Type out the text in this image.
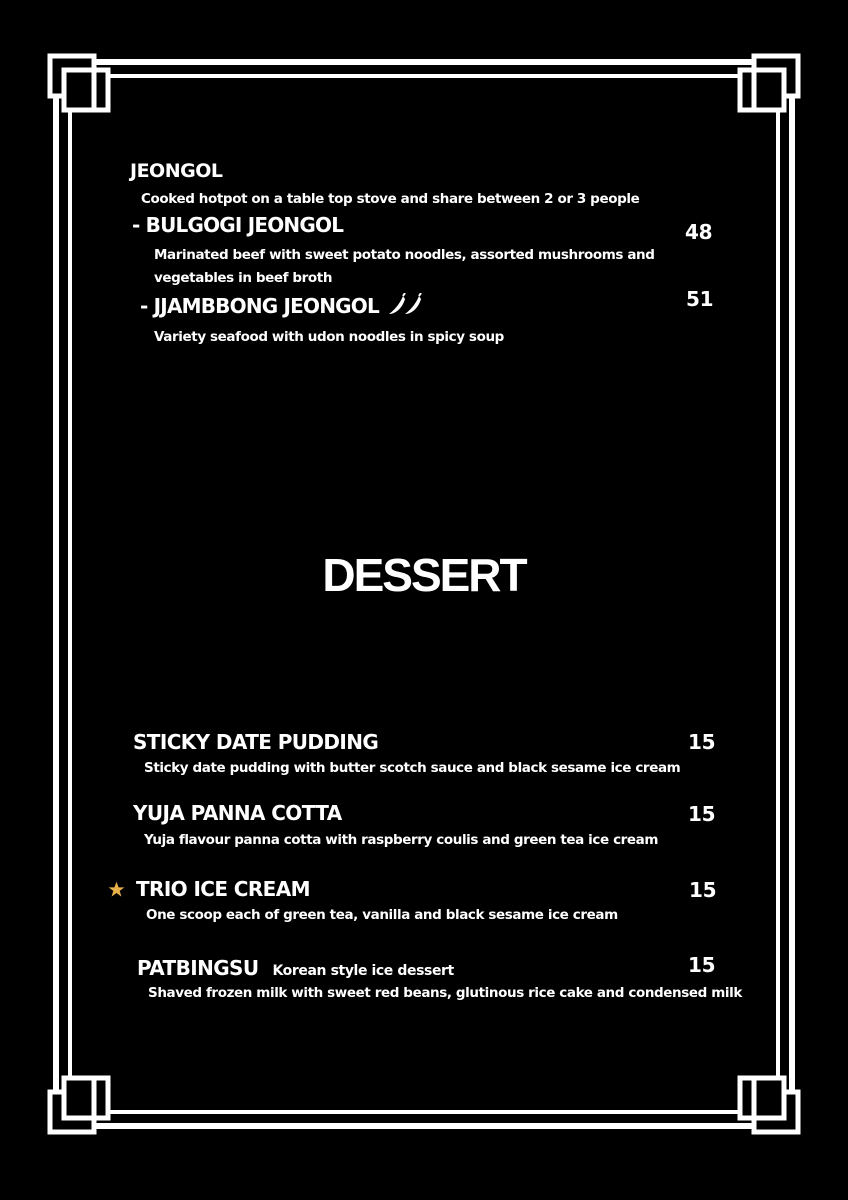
JEONGOL
Cooked hotpot on a table top stove and share between 2 or 3 people
- BULGOGI JEONGOL	48
Marinated beef with sweet potato noodles, assorted mushrooms and
vegetables in beef broth
- JJAMBBONG JEONGOL	51
Variety seafood with udon noodles in spicy soup
DESSERT
STICKY DATE PUDDING	15
Sticky date pudding with butter scotch sauce and black sesame ice cream
YUJA PANNA COTTA	15
Yuja flavour panna cotta with raspberry coulis and green tea ice cream
TRIO ICE CREAM	15
One scoop each of green tea, vanilla and black sesame ice cream
PATBINGSU Korean style ice dessert	15
Shaved frozen milk with sweet red beans, glutinous rice cake and condensed milk
